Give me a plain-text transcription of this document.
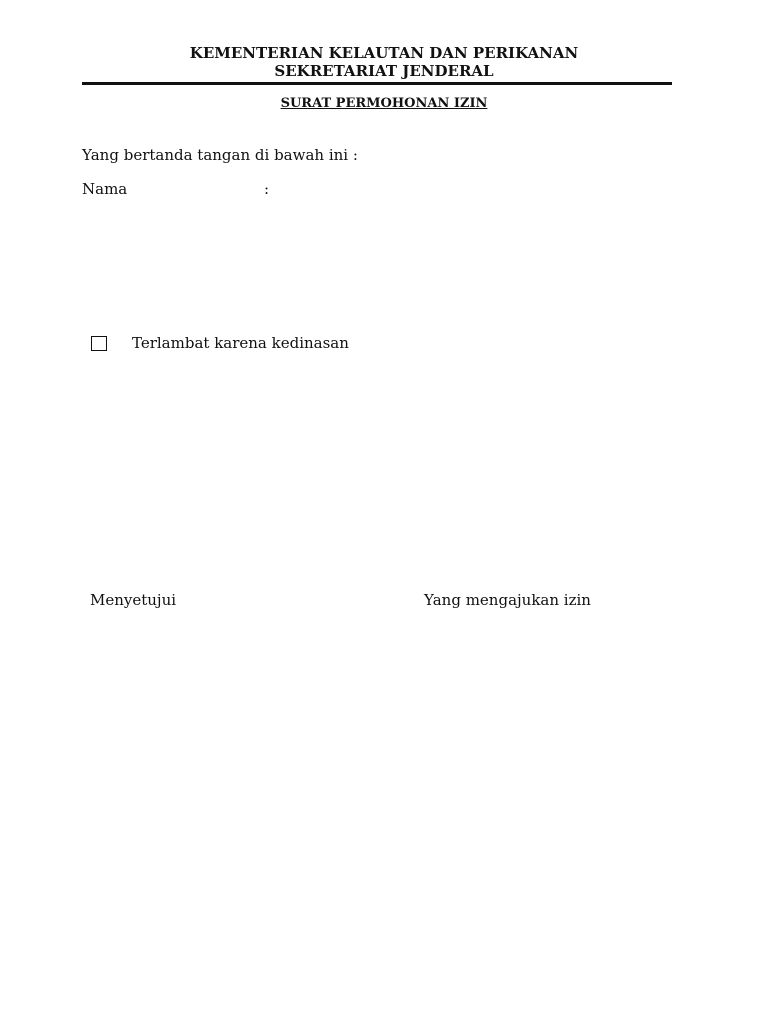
KEMENTERIAN KELAUTAN DAN PERIKANAN
SEKRETARIAT JENDERAL
SURAT PERMOHONAN IZIN
Yang bertanda tangan di bawah ini :
Nama	:
Terlambat karena kedinasan
Menyetujui	Yang mengajukan izin
